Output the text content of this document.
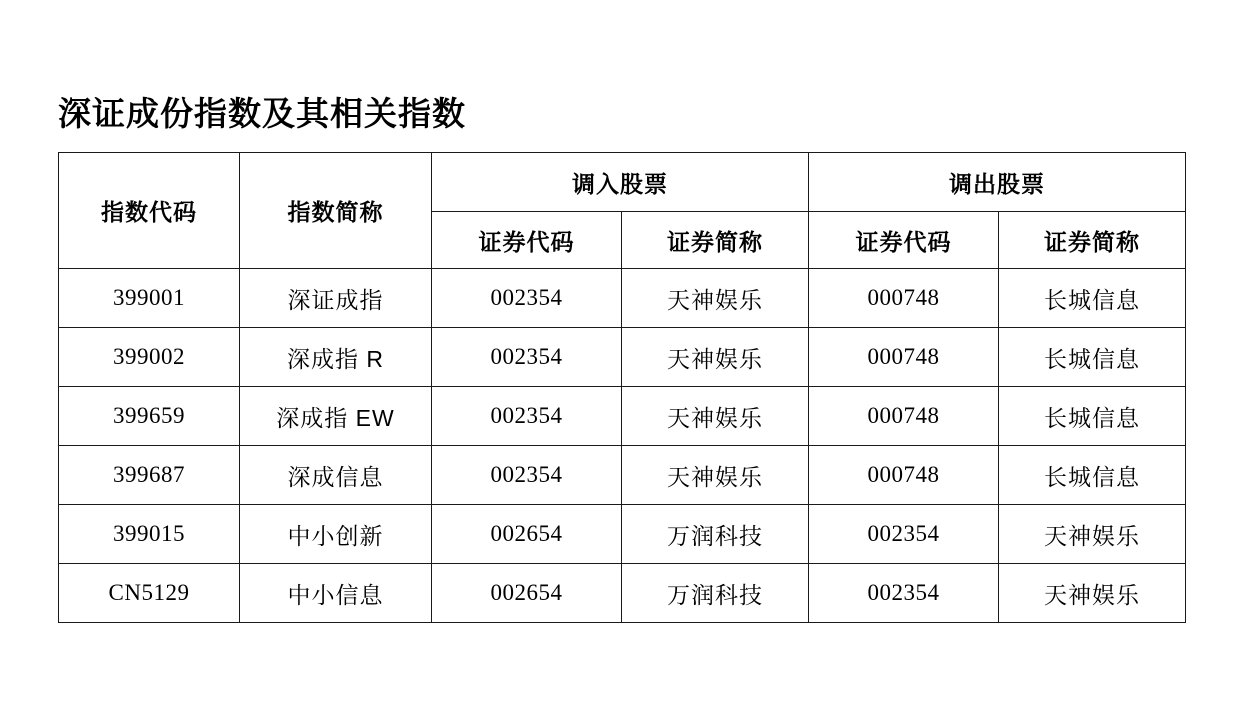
深证成份指数及其相关指数
指数代码	指数简称	调入股票		调出股票	
		证券代码	证券简称	证券代码	证券简称
399001	深证成指	002354	天神娱乐	000748	长城信息
399002	深成指 R	002354	天神娱乐	000748	长城信息
399659	深成指 EW	002354	天神娱乐	000748	长城信息
399687	深成信息	002354	天神娱乐	000748	长城信息
399015	中小创新	002654	万润科技	002354	天神娱乐
CN5129	中小信息	002654	万润科技	002354	天神娱乐
